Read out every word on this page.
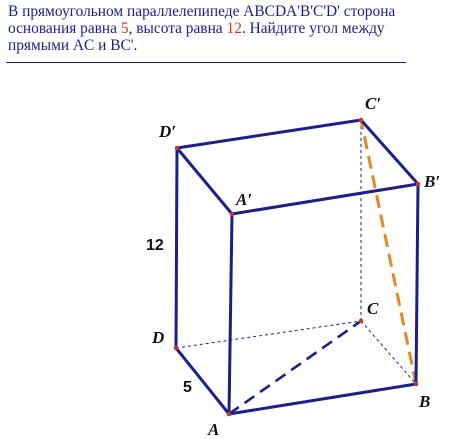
В прямоугольном параллелепипеде ABCDA'B'C'D' сторона основания равна 5, высота равна 12. Найдите угол между прямыми AC и BC'.
A
B
C
D
A′
B′
C′
D′
12
5
